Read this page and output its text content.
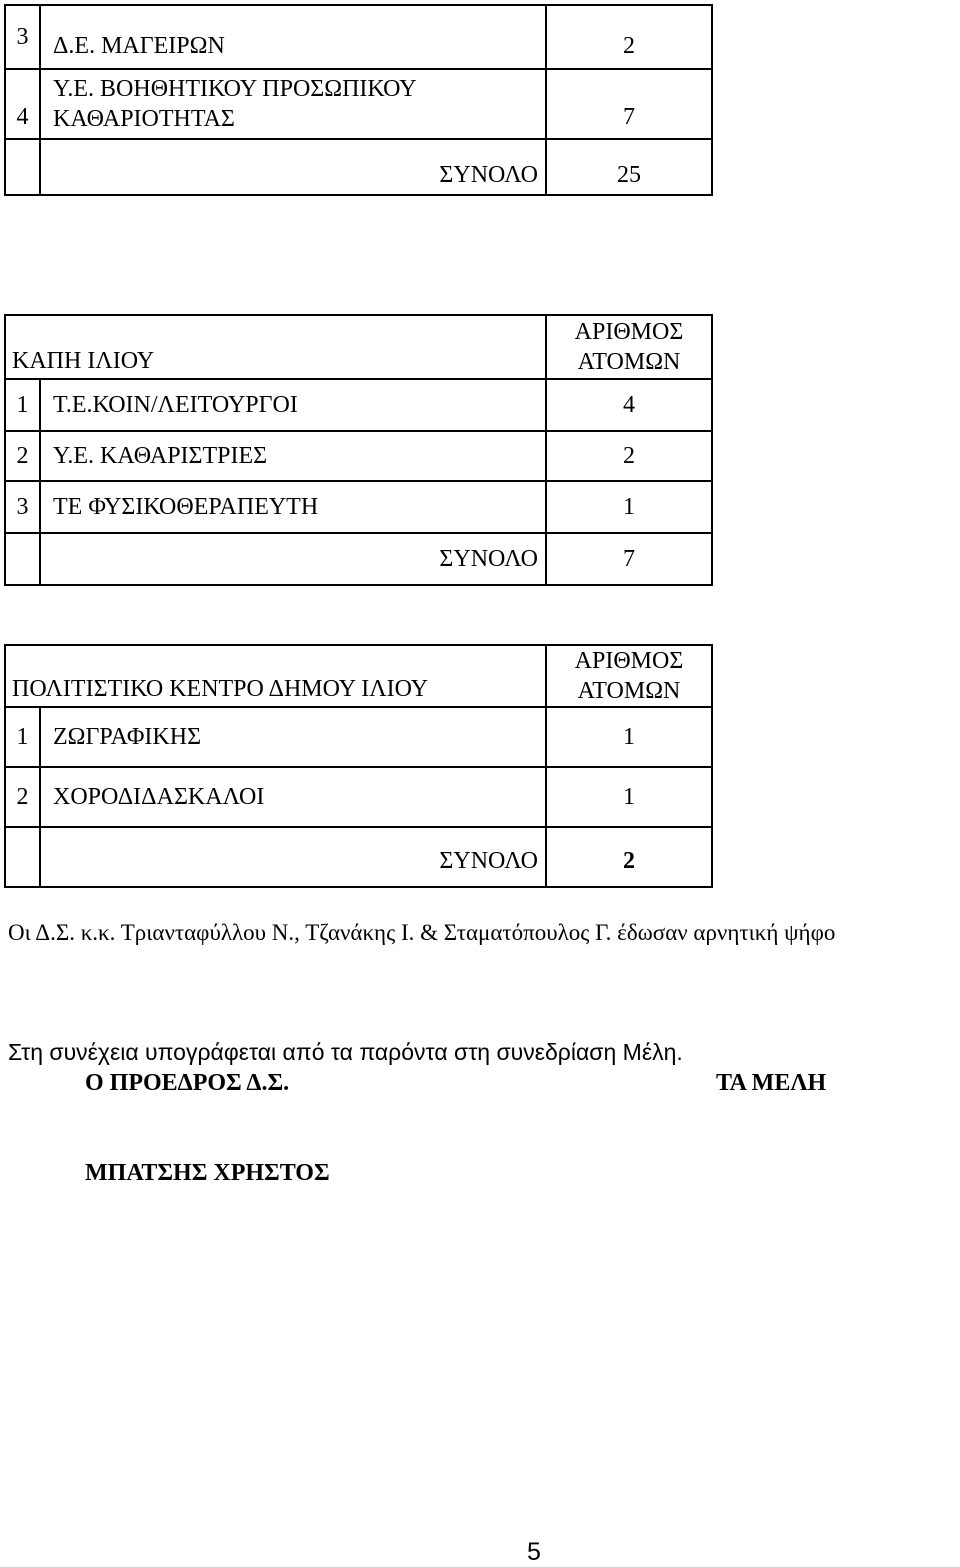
3	Δ.Ε. ΜΑΓΕΙΡΩΝ	2
4	Υ.Ε. ΒΟΗΘΗΤΙΚΟΥ ΠΡΟΣΩΠΙΚΟΥ
ΚΑΘΑΡΙΟΤΗΤΑΣ	7
	ΣΥΝΟΛΟ	25
ΚΑΠΗ ΙΛΙΟΥ		ΑΡΙΘΜΟΣ
ΑΤΟΜΩΝ

1	Τ.Ε.ΚΟΙΝ/ΛΕΙΤΟΥΡΓΟΙ	4
2	Υ.Ε. ΚΑΘΑΡΙΣΤΡΙΕΣ	2
3	ΤΕ ΦΥΣΙΚΟΘΕΡΑΠΕΥΤΗ	1
	ΣΥΝΟΛΟ	7
ΠΟΛΙΤΙΣΤΙΚΟ ΚΕΝΤΡΟ ΔΗΜΟΥ ΙΛΙΟΥ		ΑΡΙΘΜΟΣ
ΑΤΟΜΩΝ

1	ΖΩΓΡΑΦΙΚΗΣ	1
2	ΧΟΡΟΔΙΔΑΣΚΑΛΟΙ	1
	ΣΥΝΟΛΟ	2
Οι Δ.Σ. κ.κ. Τριανταφύλλου Ν., Τζανάκης Ι. & Σταματόπουλος Γ. έδωσαν αρνητική ψήφο
Στη συνέχεια υπογράφεται από τα παρόντα στη συνεδρίαση Μέλη.
Ο ΠΡΟΕΔΡΟΣ Δ.Σ.	ΤΑ ΜΕΛΗ
ΜΠΑΤΣΗΣ ΧΡΗΣΤΟΣ
5
